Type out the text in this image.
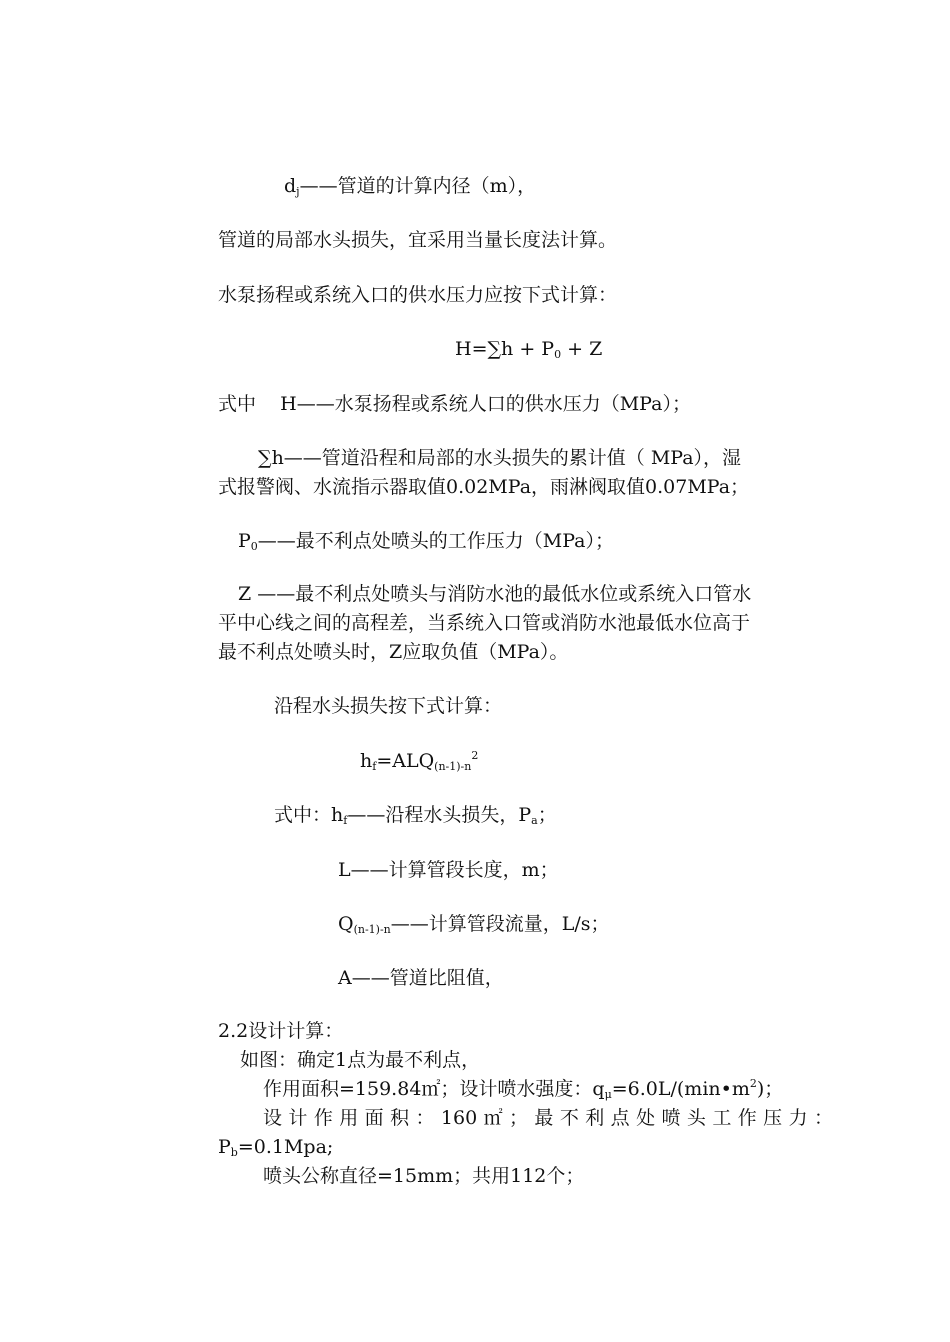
$d_j——$管道的计算内径（m），
管道的局部水头损失，宜采用当量长度法计算。
水泵扬程或系统入口的供水压力应按下式计算：
$H=\sum h + P_0 + Z$
式中    H——水泵扬程或系统人口的供水压力（MPa）；
∑h——管道沿程和局部的水头损失的累计值（ MPa），湿
式报警阀、水流指示器取值0.02MPa，雨淋阀取值0.07MPa；
$P_0——$最不利点处喷头的工作压力（MPa）；
Z ——最不利点处喷头与消防水池的最低水位或系统入口管水
平中心线之间的高程差，当系统入口管或消防水池最低水位高于
最不利点处喷头时，Z应取负值（MPa）。
沿程水头损失按下式计算：
$h_f=ALQ_{(n-1)-n}^2$
式中：$h_f——$沿程水头损失，$P_a$；
L——计算管段长度，m；
$Q_{(n-1)-n}——$计算管段流量，L/s；
A——管道比阻值，
2.2设计计算：
如图：确定1点为最不利点，
作用面积=159.84㎡；设计喷水强度：$q_\mu=6.0L/(\min•m^2)$；
设计作用面积：160㎡；最不利点处喷头工作压力：
$P_b=0.1Mpa$;
喷头公称直径=15mm；共用112个；
